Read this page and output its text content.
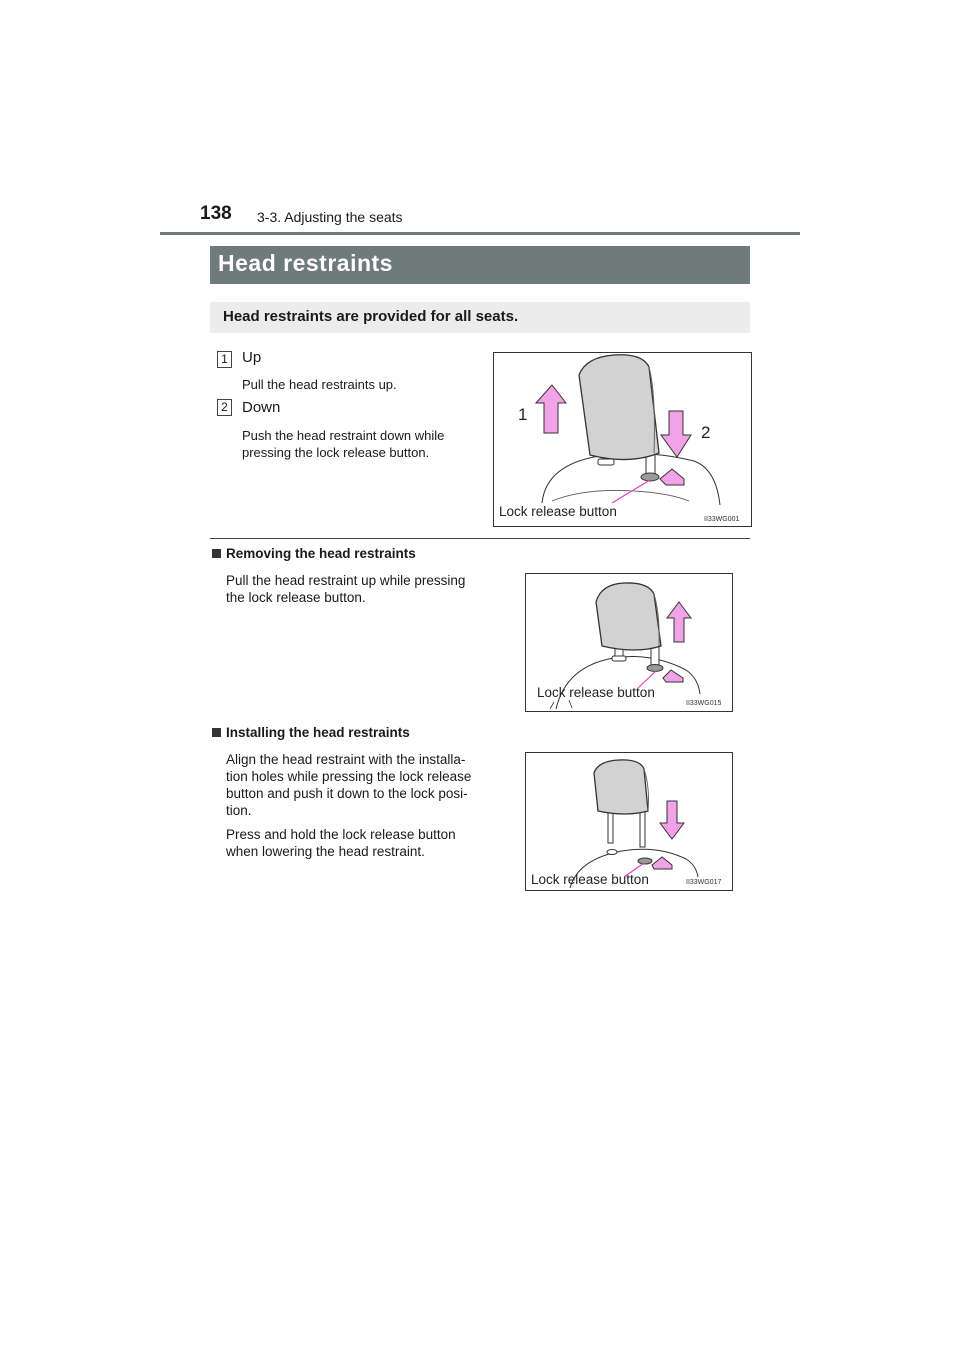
138 3-3. Adjusting the seats
Head restraints
Head restraints are provided for all seats.
1 Up
Pull the head restraints up.
2 Down
Push the head restraint down while
pressing the lock release button.
1
2
Lock release button
II33WG001
Removing the head restraints
Pull the head restraint up while pressing
the lock release button.
Lock release button
II33WG015
Installing the head restraints
Align the head restraint with the installa-
tion holes while pressing the lock release
button and push it down to the lock posi-
tion.
Press and hold the lock release button
when lowering the head restraint.
Lock release button	II33WG017
